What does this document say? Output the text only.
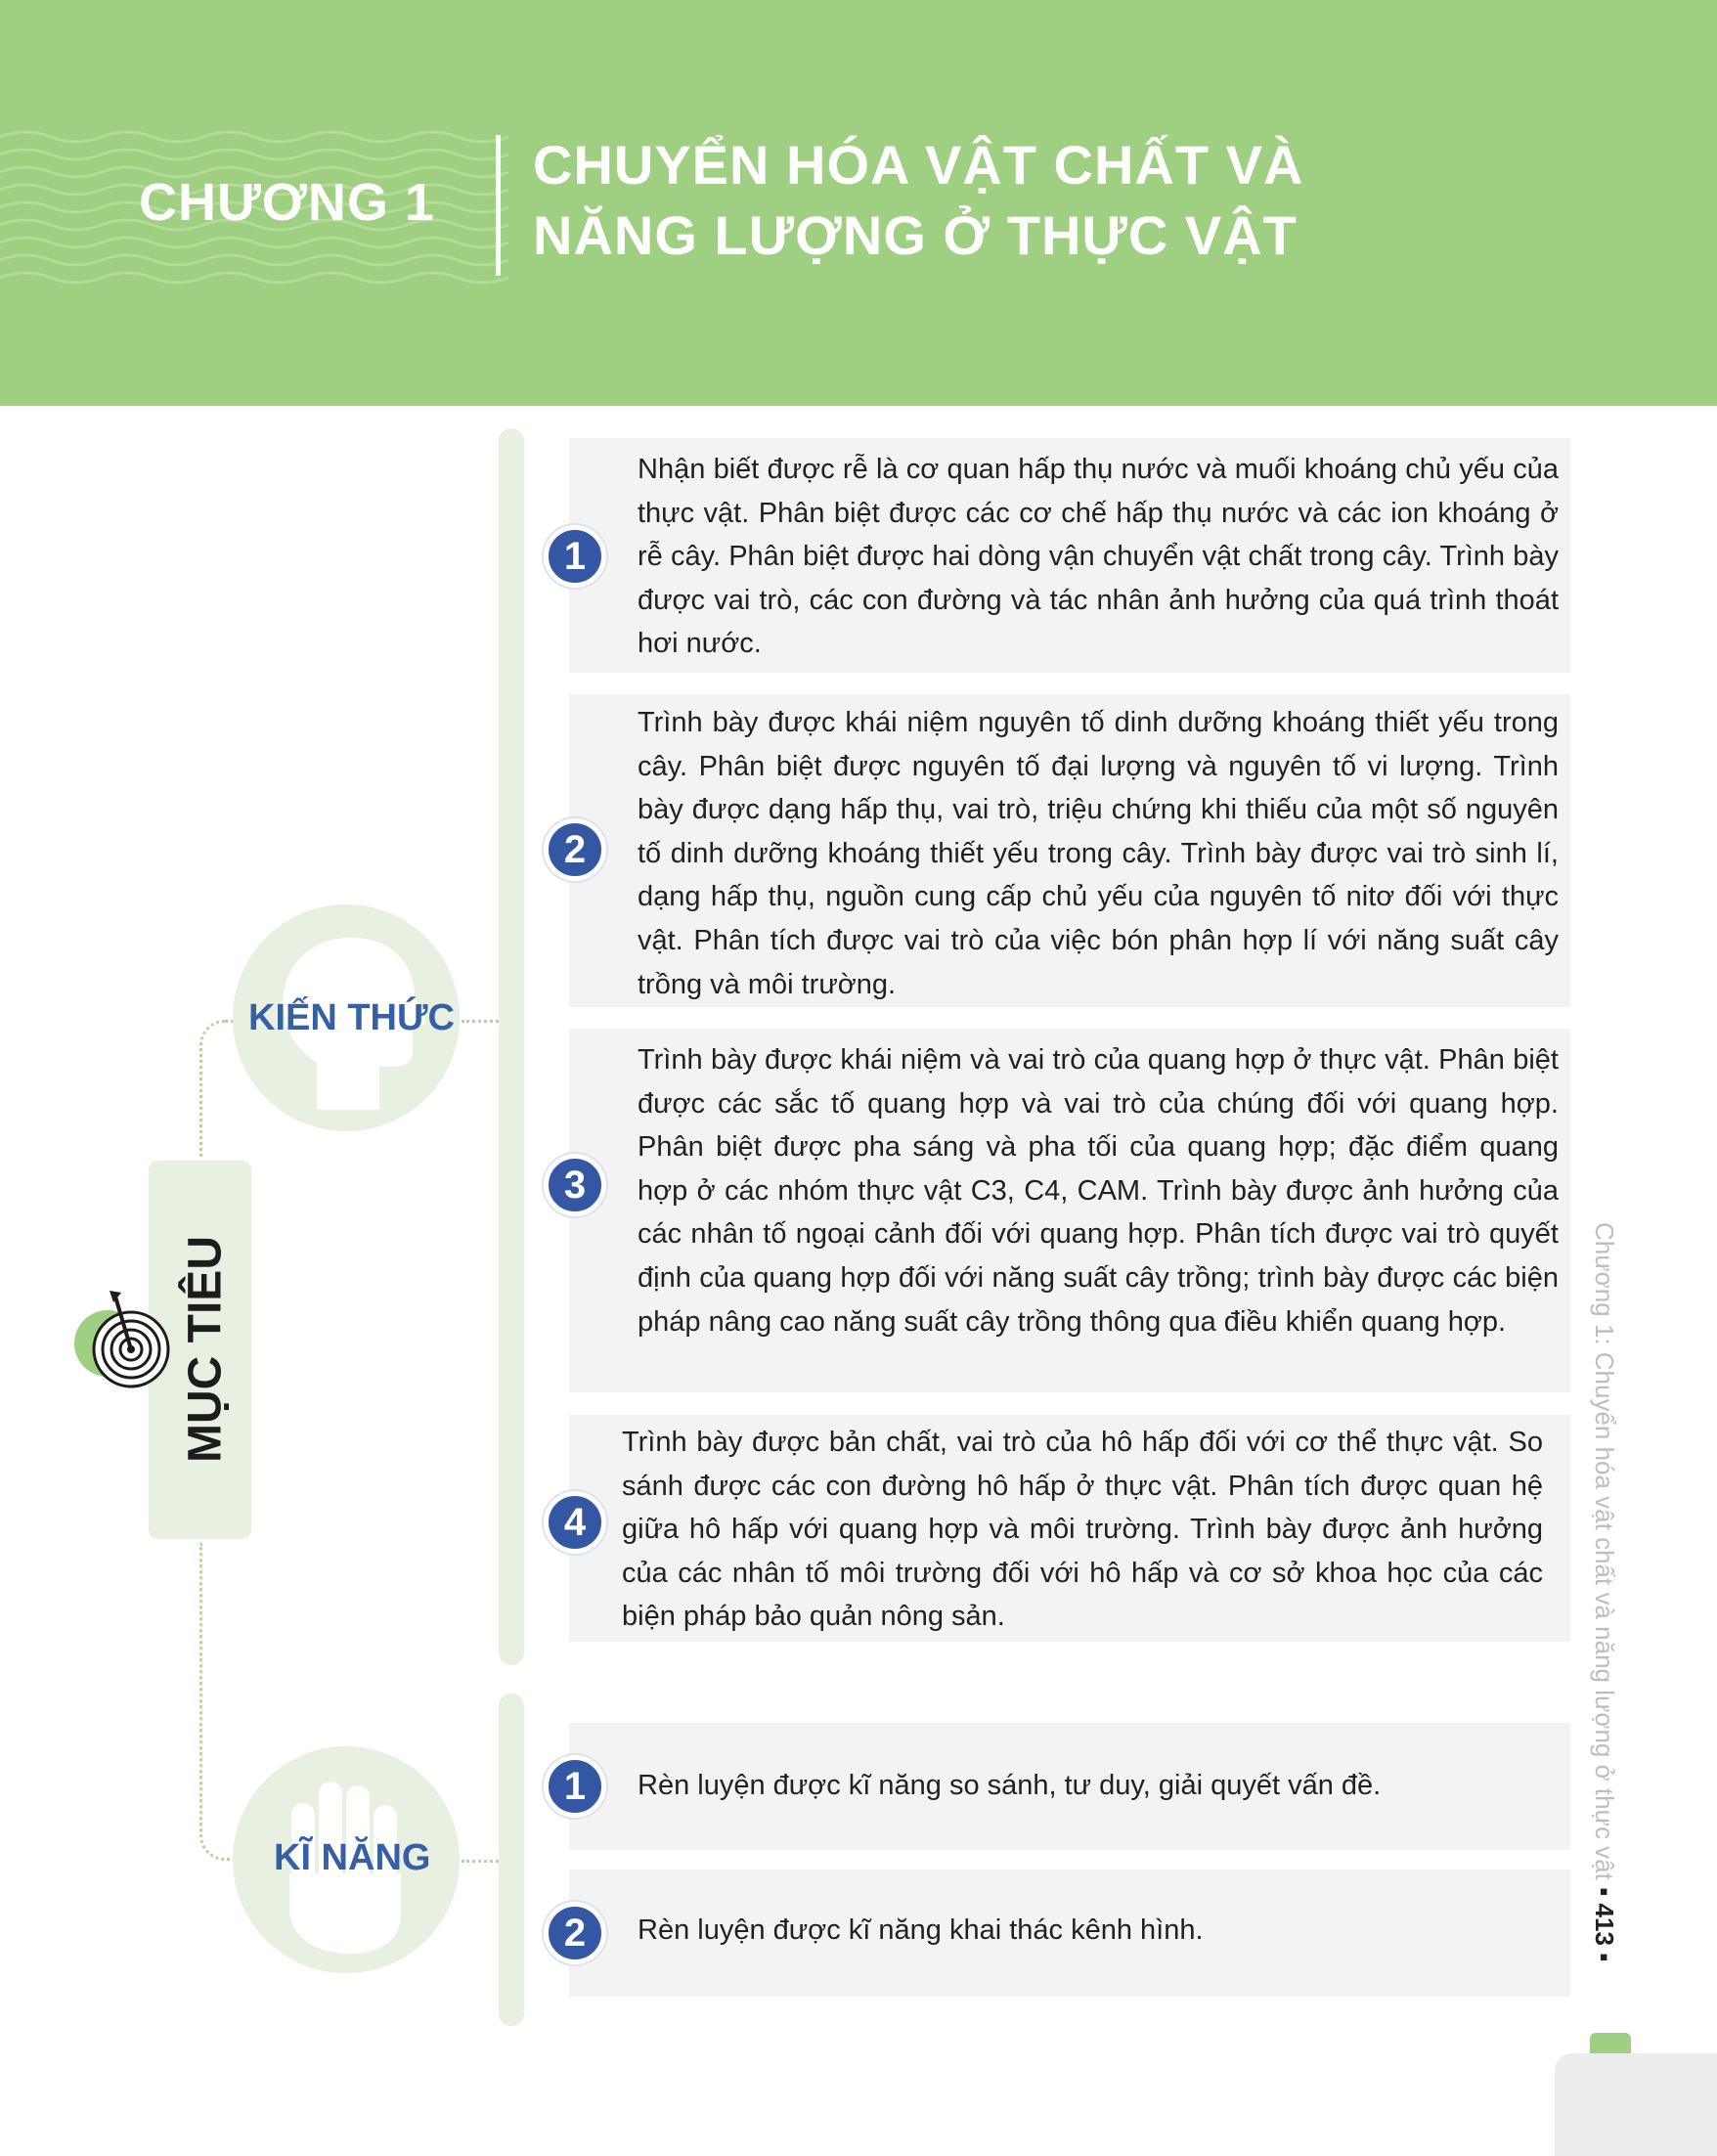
CHƯƠNG 1
CHUYỂN HÓA VẬT CHẤT VÀ
NĂNG LƯỢNG Ở THỰC VẬT
MỤC TIÊU
KIẾN THỨC
KĨ NĂNG
Nhận biết được rễ là cơ quan hấp thụ nước và muối khoáng chủ yếu của thực vật. Phân biệt được các cơ chế hấp thụ nước và các ion khoáng ở rễ cây. Phân biệt được hai dòng vận chuyển vật chất trong cây. Trình bày được vai trò, các con đường và tác nhân ảnh hưởng của quá trình thoát hơi nước.
1
Trình bày được khái niệm nguyên tố dinh dưỡng khoáng thiết yếu trong cây. Phân biệt được nguyên tố đại lượng và nguyên tố vi lượng. Trình bày được dạng hấp thụ, vai trò, triệu chứng khi thiếu của một số nguyên tố dinh dưỡng khoáng thiết yếu trong cây. Trình bày được vai trò sinh lí, dạng hấp thụ, nguồn cung cấp chủ yếu của nguyên tố nitơ đối với thực vật. Phân tích được vai trò của việc bón phân hợp lí với năng suất cây trồng và môi trường.
2
Trình bày được khái niệm và vai trò của quang hợp ở thực vật. Phân biệt được các sắc tố quang hợp và vai trò của chúng đối với quang hợp. Phân biệt được pha sáng và pha tối của quang hợp; đặc điểm quang hợp ở các nhóm thực vật C3, C4, CAM. Trình bày được ảnh hưởng của các nhân tố ngoại cảnh đối với quang hợp. Phân tích được vai trò quyết định của quang hợp đối với năng suất cây trồng; trình bày được các biện pháp nâng cao năng suất cây trồng thông qua điều khiển quang hợp.
3
Trình bày được bản chất, vai trò của hô hấp đối với cơ thể thực vật. So sánh được các con đường hô hấp ở thực vật. Phân tích được quan hệ giữa hô hấp với quang hợp và môi trường. Trình bày được ảnh hưởng của các nhân tố môi trường đối với hô hấp và cơ sở khoa học của các biện pháp bảo quản nông sản.
4
Rèn luyện được kĩ năng so sánh, tư duy, giải quyết vấn đề.
1
Rèn luyện được kĩ năng khai thác kênh hình.
2
Chương 1: Chuyển hóa vật chất và năng lượng ở thực vật ▪ 413 ▪
